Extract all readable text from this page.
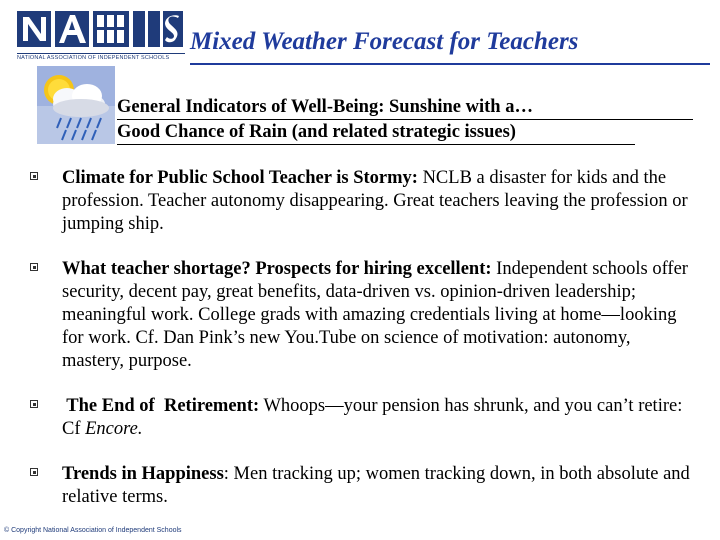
NATIONAL ASSOCIATION OF INDEPENDENT SCHOOLS
Mixed Weather Forecast for Teachers
General Indicators of Well-Being: Sunshine with a…
Good Chance of Rain (and related strategic issues)
Climate for Public School Teacher is Stormy: NCLB a disaster for kids and the profession. Teacher autonomy disappearing. Great teachers leaving the profession or jumping ship.
What teacher shortage? Prospects for hiring excellent: Independent schools offer security, decent pay, great benefits, data-driven vs. opinion-driven leadership; meaningful work. College grads with amazing credentials living at home—looking for work. Cf. Dan Pink’s new You.Tube on science of motivation: autonomy, mastery, purpose.
The End of  Retirement: Whoops—your pension has shrunk, and you can’t retire: Cf Encore.
Trends in Happiness: Men tracking up; women tracking down, in both absolute and relative terms.
© Copyright National Association of Independent Schools
